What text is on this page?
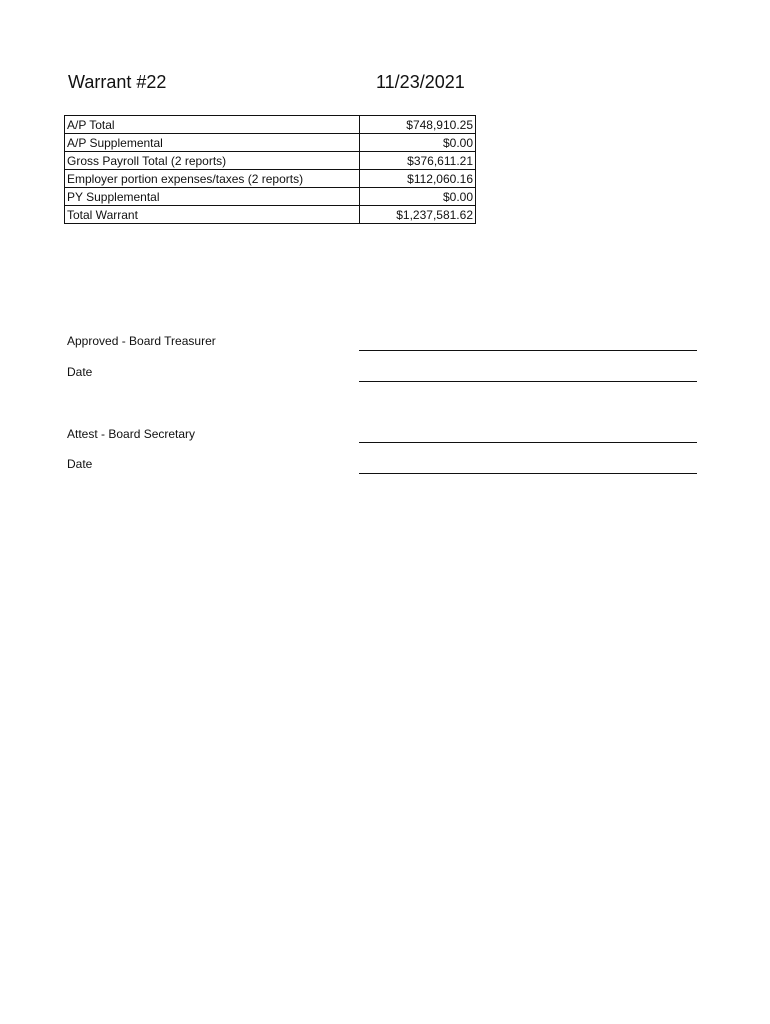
Warrant #22	11/23/2021
A/P Total	$748,910.25
A/P Supplemental	$0.00
Gross Payroll Total (2 reports)	$376,611.21
Employer portion expenses/taxes (2 reports)	$112,060.16
PY Supplemental	$0.00
Total Warrant	$1,237,581.62
Approved - Board Treasurer
Date
Attest - Board Secretary
Date
